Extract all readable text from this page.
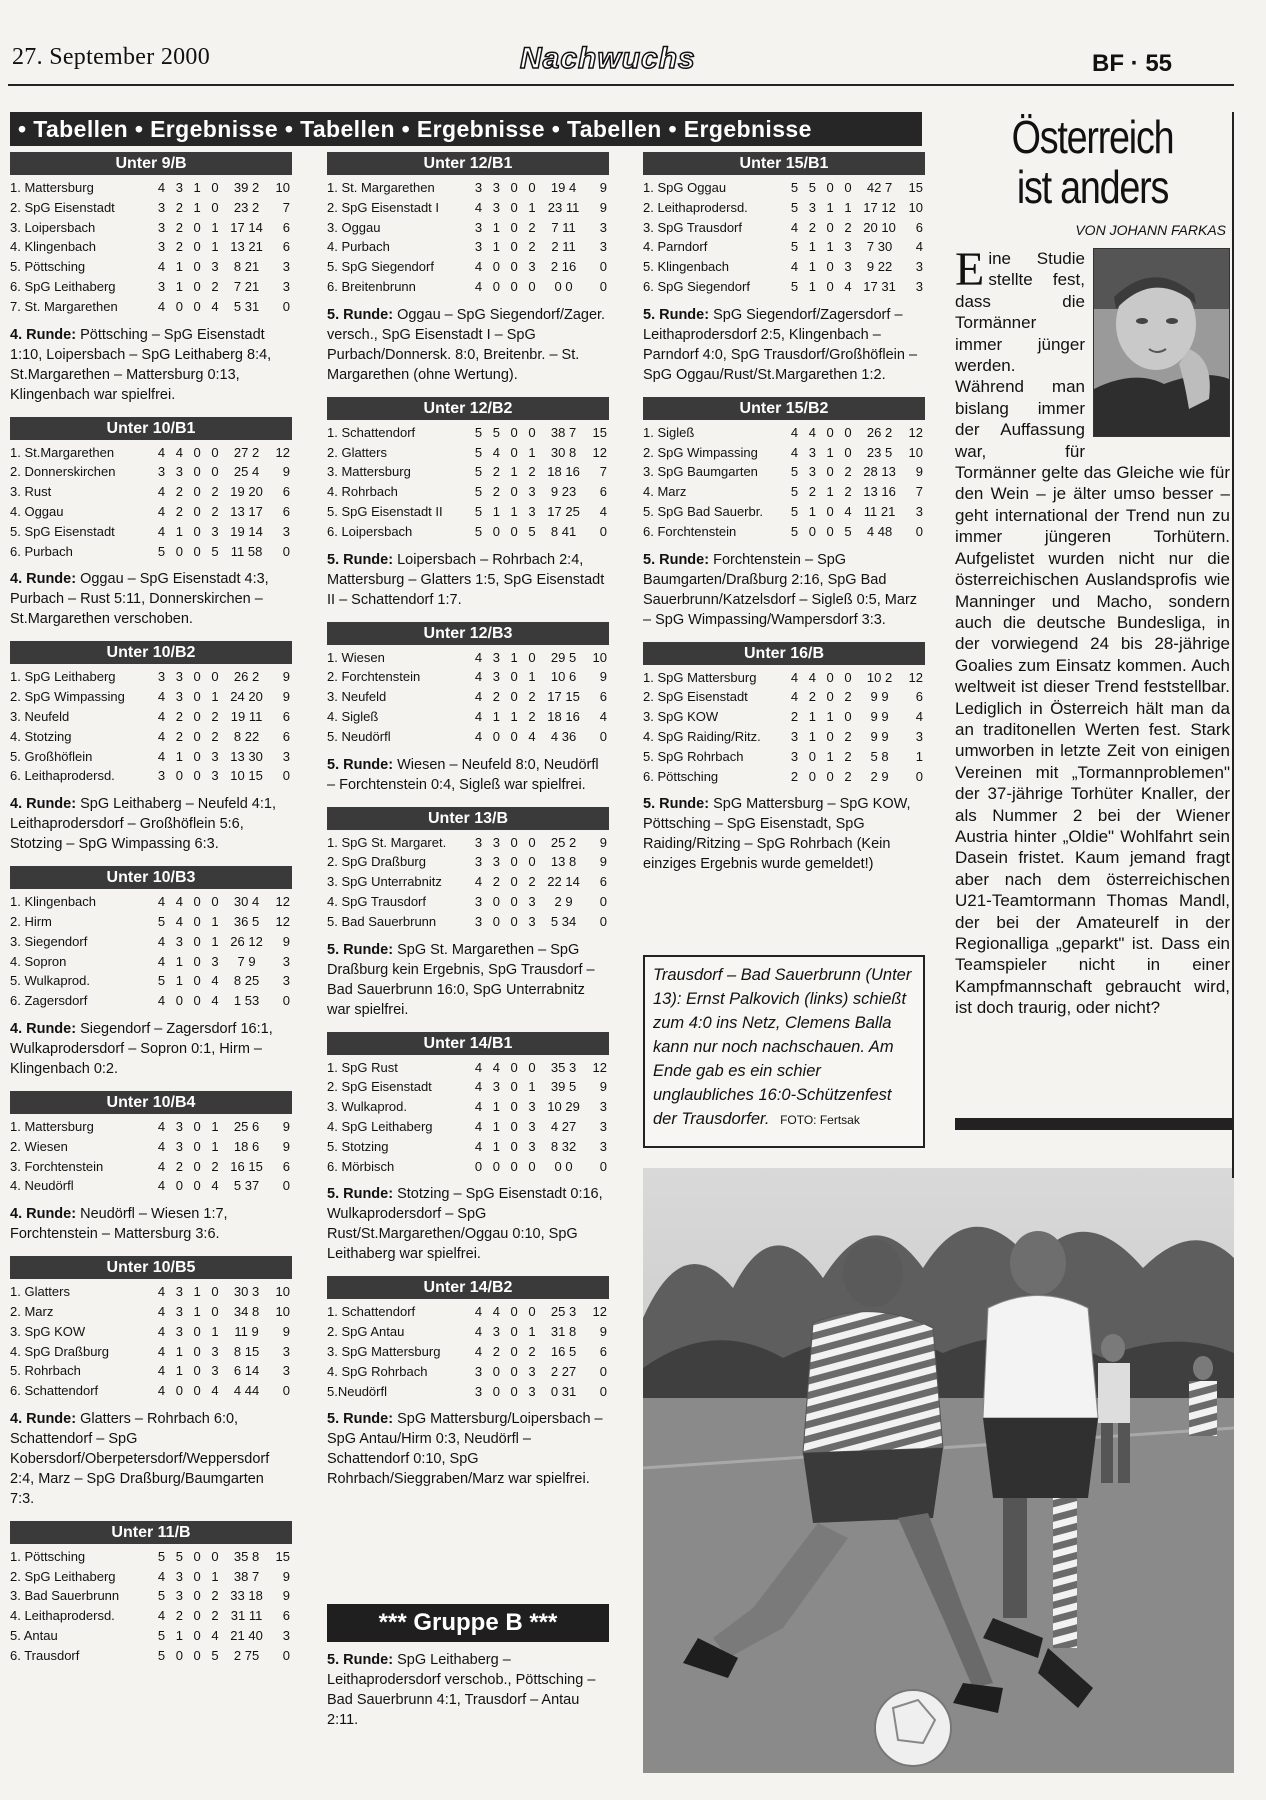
27. September 2000	Nachwuchs	BF · 55
• Tabellen • Ergebnisse • Tabellen • Ergebnisse • Tabellen • Ergebnisse
Unter 9/B
1. Mattersburg	4	3	1	0	39 2	10
2. SpG Eisenstadt	3	2	1	0	23 2	7
3. Loipersbach	3	2	0	1	17 14	6
4. Klingenbach	3	2	0	1	13 21	6
5. Pöttsching	4	1	0	3	8 21	3
6. SpG Leithaberg	3	1	0	2	7 21	3
7. St. Margarethen	4	0	0	4	5 31	0
4. Runde: Pöttsching – SpG Eisenstadt 1:10, Loipersbach – SpG Leithaberg 8:4, St.Margarethen – Mattersburg 0:13, Klingenbach war spielfrei.
Unter 10/B1
1. St.Margarethen	4	4	0	0	27 2	12
2. Donnerskirchen	3	3	0	0	25 4	9
3. Rust	4	2	0	2	19 20	6
4. Oggau	4	2	0	2	13 17	6
5. SpG Eisenstadt	4	1	0	3	19 14	3
6. Purbach	5	0	0	5	11 58	0
4. Runde: Oggau – SpG Eisenstadt 4:3, Purbach – Rust 5:11, Donnerskirchen – St.Margarethen verschoben.
Unter 10/B2
1. SpG Leithaberg	3	3	0	0	26 2	9
2. SpG Wimpassing	4	3	0	1	24 20	9
3. Neufeld	4	2	0	2	19 11	6
4. Stotzing	4	2	0	2	8 22	6
5. Großhöflein	4	1	0	3	13 30	3
6. Leithaprodersd.	3	0	0	3	10 15	0
4. Runde: SpG Leithaberg – Neufeld 4:1, Leithaprodersdorf – Großhöflein 5:6, Stotzing – SpG Wimpassing 6:3.
Unter 10/B3
1. Klingenbach	4	4	0	0	30 4	12
2. Hirm	5	4	0	1	36 5	12
3. Siegendorf	4	3	0	1	26 12	9
4. Sopron	4	1	0	3	7 9	3
5. Wulkaprod.	5	1	0	4	8 25	3
6. Zagersdorf	4	0	0	4	1 53	0
4. Runde: Siegendorf – Zagersdorf 16:1, Wulkaprodersdorf – Sopron 0:1, Hirm – Klingenbach 0:2.
Unter 10/B4
1. Mattersburg	4	3	0	1	25 6	9
2. Wiesen	4	3	0	1	18 6	9
3. Forchtenstein	4	2	0	2	16 15	6
4. Neudörfl	4	0	0	4	5 37	0
4. Runde: Neudörfl – Wiesen 1:7, Forchtenstein – Mattersburg 3:6.
Unter 10/B5
1. Glatters	4	3	1	0	30 3	10
2. Marz	4	3	1	0	34 8	10
3. SpG KOW	4	3	0	1	11 9	9
4. SpG Draßburg	4	1	0	3	8 15	3
5. Rohrbach	4	1	0	3	6 14	3
6. Schattendorf	4	0	0	4	4 44	0
4. Runde: Glatters – Rohrbach 6:0, Schattendorf – SpG Kobersdorf/Oberpetersdorf/Weppersdorf 2:4, Marz – SpG Draßburg/Baumgarten 7:3.
Unter 11/B
1. Pöttsching	5	5	0	0	35 8	15
2. SpG Leithaberg	4	3	0	1	38 7	9
3. Bad Sauerbrunn	5	3	0	2	33 18	9
4. Leithaprodersd.	4	2	0	2	31 11	6
5. Antau	5	1	0	4	21 40	3
6. Trausdorf	5	0	0	5	2 75	0
Unter 12/B1
1. St. Margarethen	3	3	0	0	19 4	9
2. SpG Eisenstadt I	4	3	0	1	23 11	9
3. Oggau	3	1	0	2	7 11	3
4. Purbach	3	1	0	2	2 11	3
5. SpG Siegendorf	4	0	0	3	2 16	0
6. Breitenbrunn	4	0	0	0	0 0	0
5. Runde: Oggau – SpG Siegendorf/Zager. versch., SpG Eisenstadt I – SpG Purbach/Donnersk. 8:0, Breitenbr. – St. Margarethen (ohne Wertung).
Unter 12/B2
1. Schattendorf	5	5	0	0	38 7	15
2. Glatters	5	4	0	1	30 8	12
3. Mattersburg	5	2	1	2	18 16	7
4. Rohrbach	5	2	0	3	9 23	6
5. SpG Eisenstadt II	5	1	1	3	17 25	4
6. Loipersbach	5	0	0	5	8 41	0
5. Runde: Loipersbach – Rohrbach 2:4, Mattersburg – Glatters 1:5, SpG Eisenstadt II – Schattendorf 1:7.
Unter 12/B3
1. Wiesen	4	3	1	0	29 5	10
2. Forchtenstein	4	3	0	1	10 6	9
3. Neufeld	4	2	0	2	17 15	6
4. Sigleß	4	1	1	2	18 16	4
5. Neudörfl	4	0	0	4	4 36	0
5. Runde: Wiesen – Neufeld 8:0, Neudörfl – Forchtenstein 0:4, Sigleß war spielfrei.
Unter 13/B
1. SpG St. Margaret.	3	3	0	0	25 2	9
2. SpG Draßburg	3	3	0	0	13 8	9
3. SpG Unterrabnitz	4	2	0	2	22 14	6
4. SpG Trausdorf	3	0	0	3	2 9	0
5. Bad Sauerbrunn	3	0	0	3	5 34	0
5. Runde: SpG St. Margarethen – SpG Draßburg kein Ergebnis, SpG Trausdorf – Bad Sauerbrunn 16:0, SpG Unterrabnitz war spielfrei.
Unter 14/B1
1. SpG Rust	4	4	0	0	35 3	12
2. SpG Eisenstadt	4	3	0	1	39 5	9
3. Wulkaprod.	4	1	0	3	10 29	3
4. SpG Leithaberg	4	1	0	3	4 27	3
5. Stotzing	4	1	0	3	8 32	3
6. Mörbisch	0	0	0	0	0 0	0
5. Runde: Stotzing – SpG Eisenstadt 0:16, Wulkaprodersdorf – SpG Rust/St.Margarethen/Oggau 0:10, SpG Leithaberg war spielfrei.
Unter 14/B2
1. Schattendorf	4	4	0	0	25 3	12
2. SpG Antau	4	3	0	1	31 8	9
3. SpG Mattersburg	4	2	0	2	16 5	6
4. SpG Rohrbach	3	0	0	3	2 27	0
5.Neudörfl	3	0	0	3	0 31	0
5. Runde: SpG Mattersburg/Loipersbach – SpG Antau/Hirm 0:3, Neudörfl – Schattendorf 0:10, SpG Rohrbach/Sieggraben/Marz war spielfrei.
Unter 15/B1
1. SpG Oggau	5	5	0	0	42 7	15
2. Leithaprodersd.	5	3	1	1	17 12	10
3. SpG Trausdorf	4	2	0	2	20 10	6
4. Parndorf	5	1	1	3	7 30	4
5. Klingenbach	4	1	0	3	9 22	3
6. SpG Siegendorf	5	1	0	4	17 31	3
5. Runde: SpG Siegendorf/Zagersdorf – Leithaprodersdorf 2:5, Klingenbach – Parndorf 4:0, SpG Trausdorf/Großhöflein – SpG Oggau/Rust/St.Margarethen 1:2.
Unter 15/B2
1. Sigleß	4	4	0	0	26 2	12
2. SpG Wimpassing	4	3	1	0	23 5	10
3. SpG Baumgarten	5	3	0	2	28 13	9
4. Marz	5	2	1	2	13 16	7
5. SpG Bad Sauerbr.	5	1	0	4	11 21	3
6. Forchtenstein	5	0	0	5	4 48	0
5. Runde: Forchtenstein – SpG Baumgarten/Draßburg 2:16, SpG Bad Sauerbrunn/Katzelsdorf – Sigleß 0:5, Marz – SpG Wimpassing/Wampersdorf 3:3.
Unter 16/B
1. SpG Mattersburg	4	4	0	0	10 2	12
2. SpG Eisenstadt	4	2	0	2	9 9	6
3. SpG KOW	2	1	1	0	9 9	4
4. SpG Raiding/Ritz.	3	1	0	2	9 9	3
5. SpG Rohrbach	3	0	1	2	5 8	1
6. Pöttsching	2	0	0	2	2 9	0
5. Runde: SpG Mattersburg – SpG KOW, Pöttsching – SpG Eisenstadt, SpG Raiding/Ritzing – SpG Rohrbach (Kein einziges Ergebnis wurde gemeldet!)
*** Gruppe B ***
5. Runde: SpG Leithaberg – Leithaprodersdorf verschob., Pöttsching – Bad Sauerbrunn 4:1, Trausdorf – Antau 2:11.
Trausdorf – Bad Sauerbrunn (Unter 13): Ernst Palkovich (links) schießt zum 4:0 ins Netz, Clemens Balla kann nur noch nachschauen. Am Ende gab es ein schier unglaubliches 16:0-Schützenfest der Trausdorfer. FOTO: Fertsak
Österreich
ist anders
VON JOHANN FARKAS
Eine Studie stellte fest, dass die Tormänner immer jünger werden. Während man bislang immer der Auffassung war, für Tormänner gelte das Gleiche wie für den Wein – je älter umso besser – geht international der Trend nun zu immer jüngeren Torhütern. Aufgelistet wurden nicht nur die österreichischen Auslandsprofis wie Manninger und Macho, sondern auch die deutsche Bundesliga, in der vorwiegend 24 bis 28-jährige Goalies zum Einsatz kommen. Auch weltweit ist dieser Trend feststellbar. Lediglich in Österreich hält man da an traditonellen Werten fest. Stark umworben in letzte Zeit von einigen Vereinen mit „Tormannproblemen" der 37-jährige Torhüter Knaller, der als Nummer 2 bei der Wiener Austria hinter „Oldie" Wohlfahrt sein Dasein fristet. Kaum jemand fragt aber nach dem österreichischen U21-Teamtormann Thomas Mandl, der bei der Amateurelf in der Regionalliga „geparkt" ist. Dass ein Teamspieler nicht in einer Kampfmannschaft gebraucht wird, ist doch traurig, oder nicht?
